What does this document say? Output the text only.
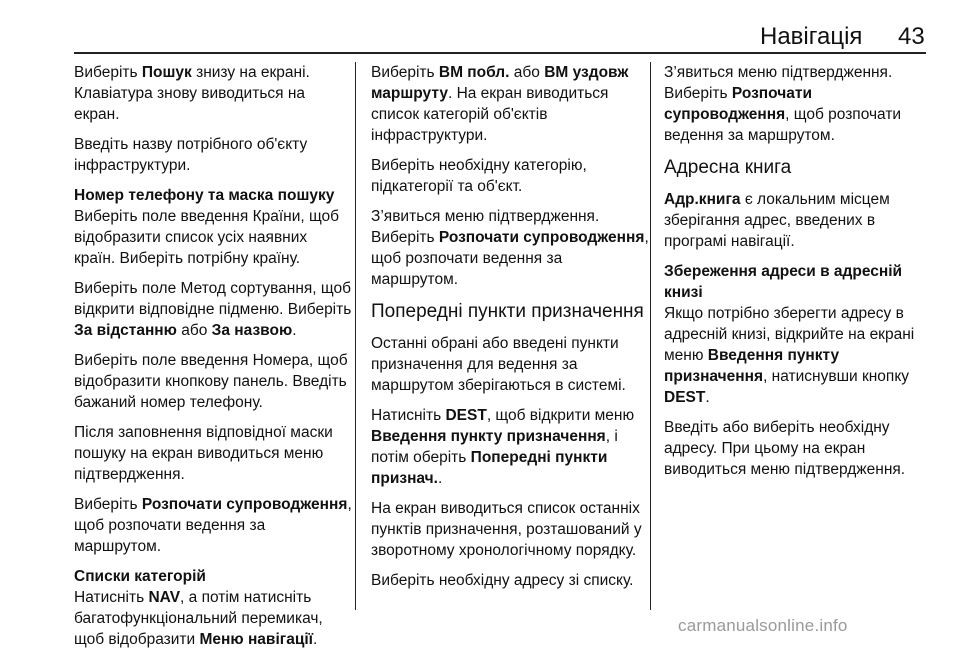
Навігація 43

Виберіть Пошук знизу на екрані. Клавіатура знову виводиться на екран.

Введіть назву потрібного об'єкту інфраструктури.

Номер телефону та маска пошуку

Виберіть поле введення Країни, щоб відобразити список усіх наявних країн. Виберіть потрібну країну.

Виберіть поле Метод сортування, щоб відкрити відповідне підменю. Виберіть За відстанню або За назвою.

Виберіть поле введення Номера, щоб відобразити кнопкову панель. Введіть бажаний номер телефону.

Після заповнення відповідної маски пошуку на екран виводиться меню підтвердження.

Виберіть Розпочати супроводження, щоб розпочати ведення за маршрутом.

Списки категорій

Натисніть NAV, а потім натисніть багатофункціональний перемикач, щоб відобразити Меню навігації.

Виберіть ВМ побл. або ВМ уздовж маршруту. На екран виводиться список категорій об'єктів інфраструктури.

Виберіть необхідну категорію, підкатегорії та об'єкт.

З’явиться меню підтвердження. Виберіть Розпочати супроводження, щоб розпочати ведення за маршрутом.

Попередні пункти призначення

Останні обрані або введені пункти призначення для ведення за маршрутом зберігаються в системі.

Натисніть DEST, щоб відкрити меню Введення пункту призначення, і потім оберіть Попередні пункти признач..

На екран виводиться список останніх пунктів призначення, розташований у зворотному хронологічному порядку.

Виберіть необхідну адресу зі списку.

З’явиться меню підтвердження. Виберіть Розпочати супроводження, щоб розпочати ведення за маршрутом.

Адресна книга

Адр.книга є локальним місцем зберігання адрес, введених в програмі навігації.

Збереження адреси в адресній книзі

Якщо потрібно зберегти адресу в адресній книзі, відкрийте на екрані меню Введення пункту призначення, натиснувши кнопку DEST.

Введіть або виберіть необхідну адресу. При цьому на екран виводиться меню підтвердження.

carmanualsonline.info
